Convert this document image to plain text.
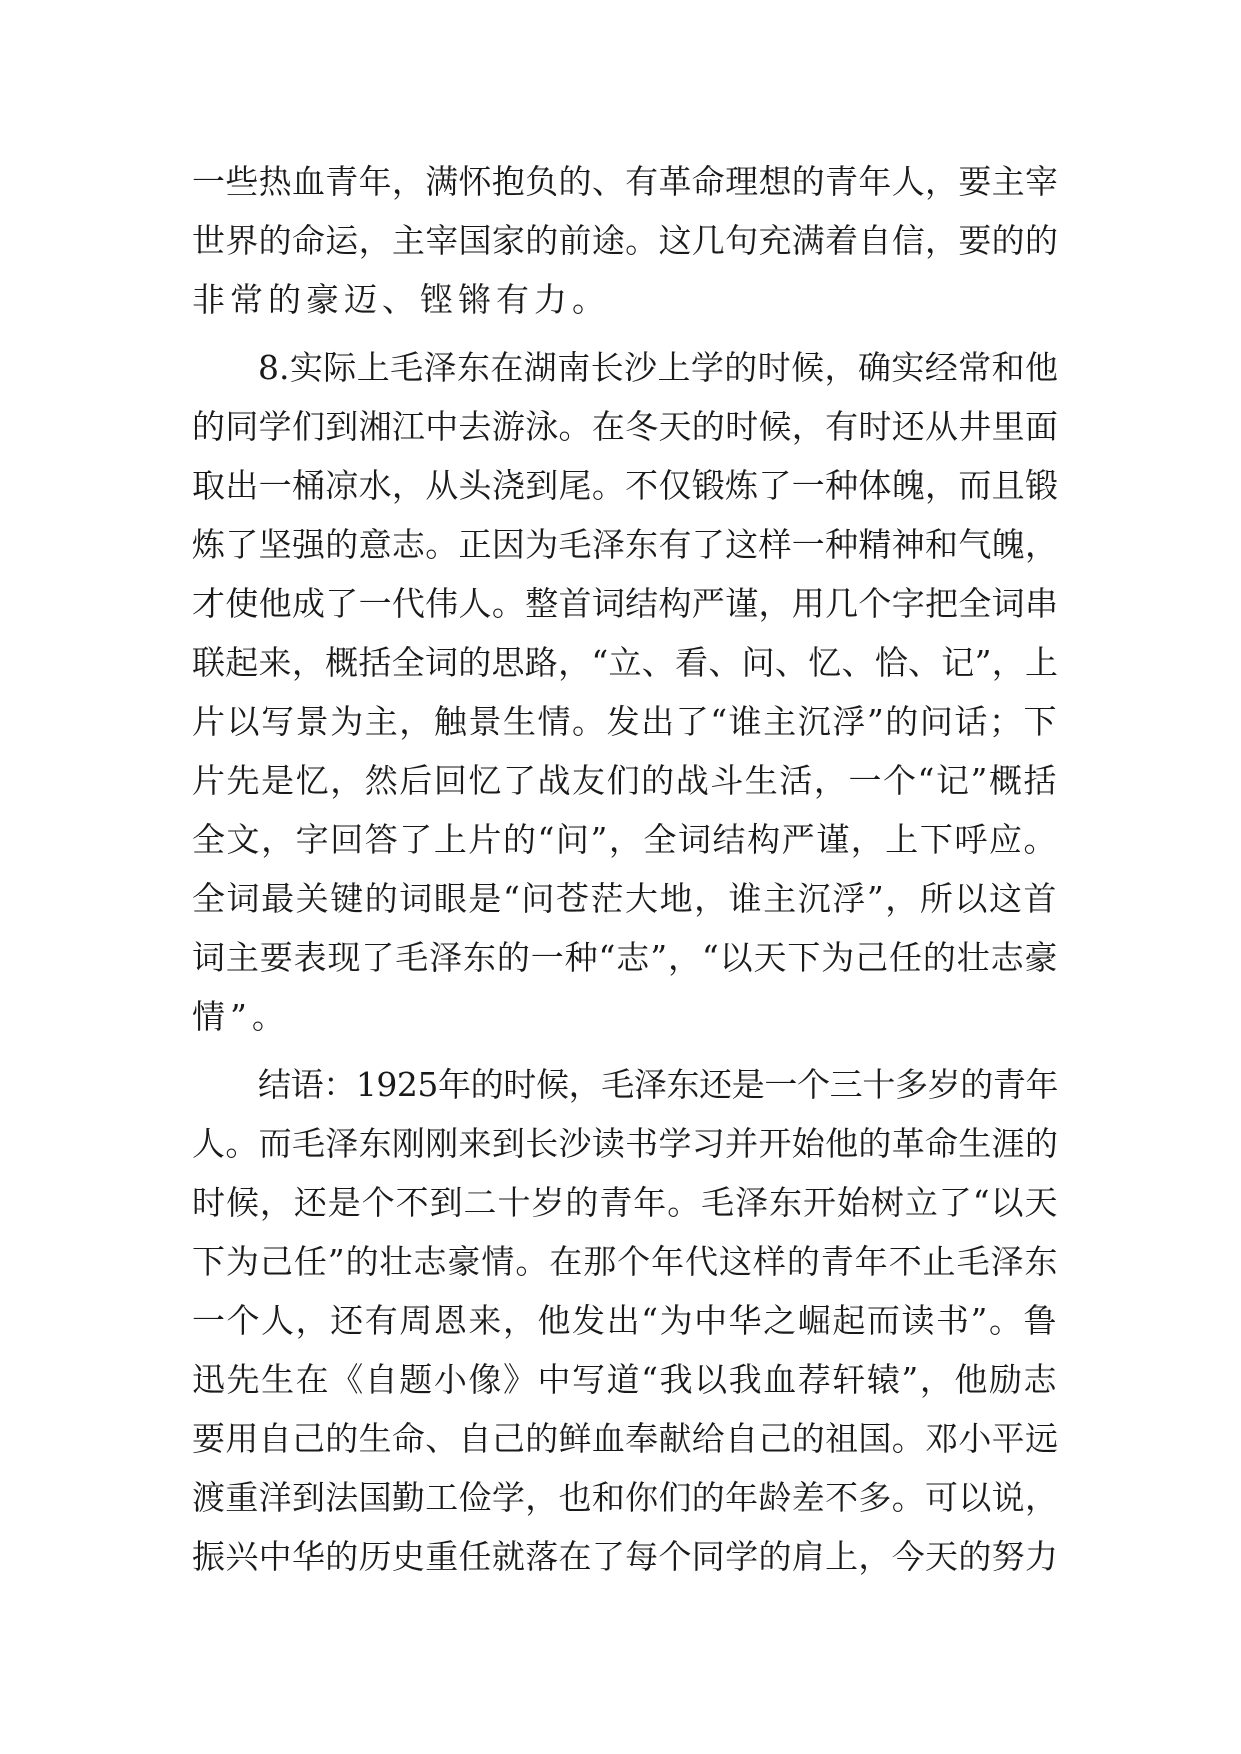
一些热血青年，满怀抱负的、有革命理想的青年人，要主宰
世界的命运，主宰国家的前途。这几句充满着自信，要的的
非常的豪迈、铿锵有力。
8.实际上毛泽东在湖南长沙上学的时候，确实经常和他
的同学们到湘江中去游泳。在冬天的时候，有时还从井里面
取出一桶凉水，从头浇到尾。不仅锻炼了一种体魄，而且锻
炼了坚强的意志。正因为毛泽东有了这样一种精神和气魄，
才使他成了一代伟人。整首词结构严谨，用几个字把全词串
联起来，概括全词的思路，“立、看、问、忆、恰、记”，上
片以写景为主，触景生情。发出了“谁主沉浮”的问话；下
片先是忆，然后回忆了战友们的战斗生活，一个“记”概括
全文，字回答了上片的“问”，全词结构严谨，上下呼应。
全词最关键的词眼是“问苍茫大地，谁主沉浮”，所以这首
词主要表现了毛泽东的一种“志”，“以天下为己任的壮志豪
情”。
结语：1925年的时候，毛泽东还是一个三十多岁的青年
人。而毛泽东刚刚来到长沙读书学习并开始他的革命生涯的
时候，还是个不到二十岁的青年。毛泽东开始树立了“以天
下为己任”的壮志豪情。在那个年代这样的青年不止毛泽东
一个人，还有周恩来，他发出“为中华之崛起而读书”。鲁
迅先生在《自题小像》中写道“我以我血荐轩辕”，他励志
要用自己的生命、自己的鲜血奉献给自己的祖国。邓小平远
渡重洋到法国勤工俭学，也和你们的年龄差不多。可以说，
振兴中华的历史重任就落在了每个同学的肩上，今天的努力
